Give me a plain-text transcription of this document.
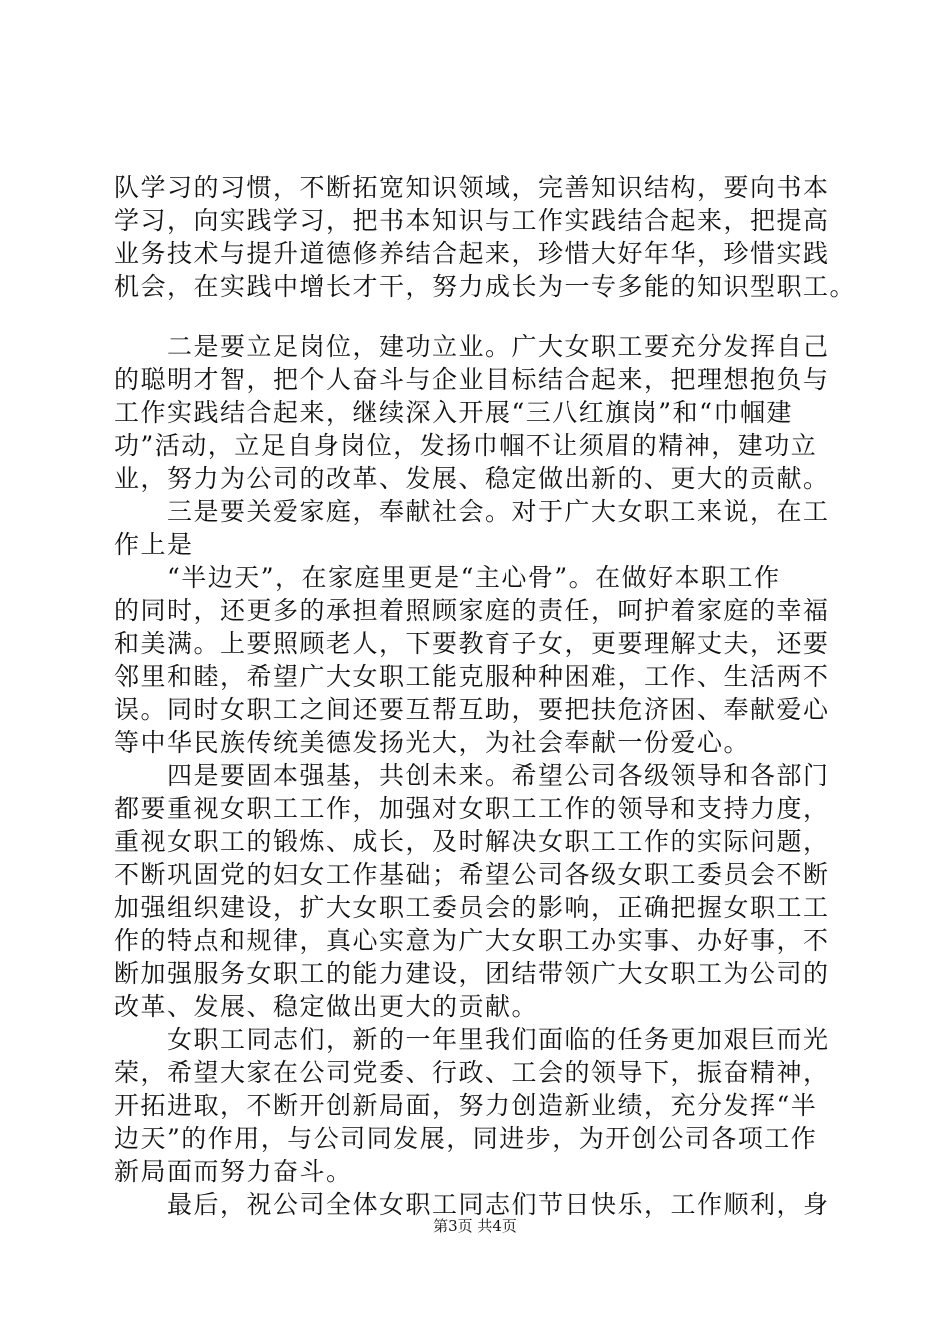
队学习的习惯，不断拓宽知识领域，完善知识结构，要向书本
学习，向实践学习，把书本知识与工作实践结合起来，把提高
业务技术与提升道德修养结合起来，珍惜大好年华，珍惜实践
机会，在实践中增长才干，努力成长为一专多能的知识型职工。
　　二是要立足岗位，建功立业。广大女职工要充分发挥自己
的聪明才智，把个人奋斗与企业目标结合起来，把理想抱负与
工作实践结合起来，继续深入开展“三八红旗岗”和“巾帼建
功”活动，立足自身岗位，发扬巾帼不让须眉的精神，建功立
业，努力为公司的改革、发展、稳定做出新的、更大的贡献。
　　三是要关爱家庭，奉献社会。对于广大女职工来说，在工
作上是
　　“半边天”，在家庭里更是“主心骨”。在做好本职工作
的同时，还更多的承担着照顾家庭的责任，呵护着家庭的幸福
和美满。上要照顾老人，下要教育子女，更要理解丈夫，还要
邻里和睦，希望广大女职工能克服种种困难，工作、生活两不
误。同时女职工之间还要互帮互助，要把扶危济困、奉献爱心
等中华民族传统美德发扬光大，为社会奉献一份爱心。
　　四是要固本强基，共创未来。希望公司各级领导和各部门
都要重视女职工工作，加强对女职工工作的领导和支持力度，
重视女职工的锻炼、成长，及时解决女职工工作的实际问题，
不断巩固党的妇女工作基础；希望公司各级女职工委员会不断
加强组织建设，扩大女职工委员会的影响，正确把握女职工工
作的特点和规律，真心实意为广大女职工办实事、办好事，不
断加强服务女职工的能力建设，团结带领广大女职工为公司的
改革、发展、稳定做出更大的贡献。
　　女职工同志们，新的一年里我们面临的任务更加艰巨而光
荣，希望大家在公司党委、行政、工会的领导下，振奋精神，
开拓进取，不断开创新局面，努力创造新业绩，充分发挥“半
边天”的作用，与公司同发展，同进步，为开创公司各项工作
新局面而努力奋斗。
　　最后，祝公司全体女职工同志们节日快乐，工作顺利，身
第3页 共4页
